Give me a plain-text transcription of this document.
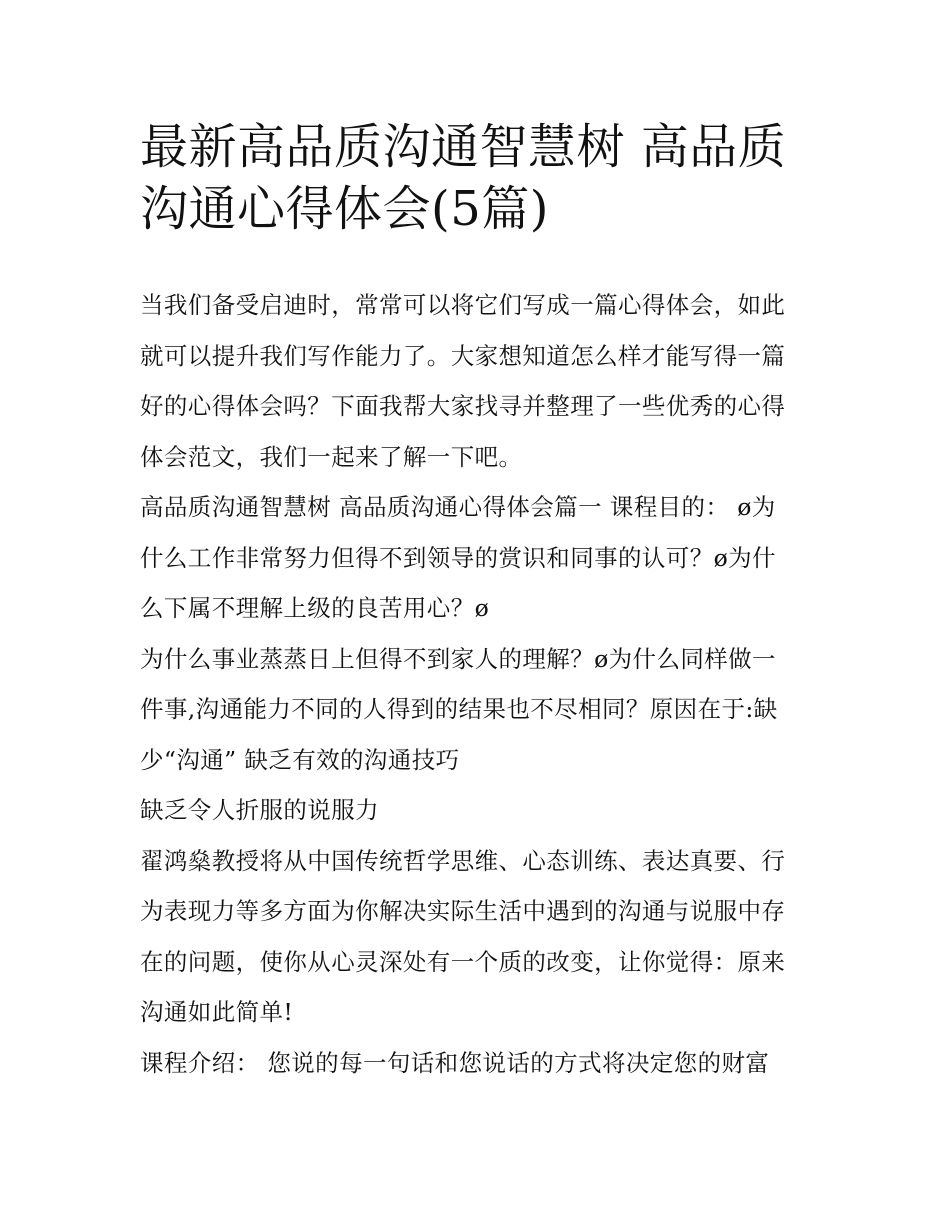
最新高品质沟通智慧树 高品质
沟通心得体会(5篇)

当我们备受启迪时，常常可以将它们写成一篇心得体会，如此
就可以提升我们写作能力了。大家想知道怎么样才能写得一篇
好的心得体会吗？下面我帮大家找寻并整理了一些优秀的心得
体会范文，我们一起来了解一下吧。

高品质沟通智慧树 高品质沟通心得体会篇一 课程目的： ø为
什么工作非常努力但得不到领导的赏识和同事的认可？ø为什
么下属不理解上级的良苦用心？ø

为什么事业蒸蒸日上但得不到家人的理解？ø为什么同样做一
件事,沟通能力不同的人得到的结果也不尽相同？原因在于:缺
少“沟通” 缺乏有效的沟通技巧

缺乏令人折服的说服力

翟鸿燊教授将从中国传统哲学思维、心态训练、表达真要、行
为表现力等多方面为你解决实际生活中遇到的沟通与说服中存
在的问题，使你从心灵深处有一个质的改变，让你觉得：原来
沟通如此简单!

课程介绍： 您说的每一句话和您说话的方式将决定您的财富
